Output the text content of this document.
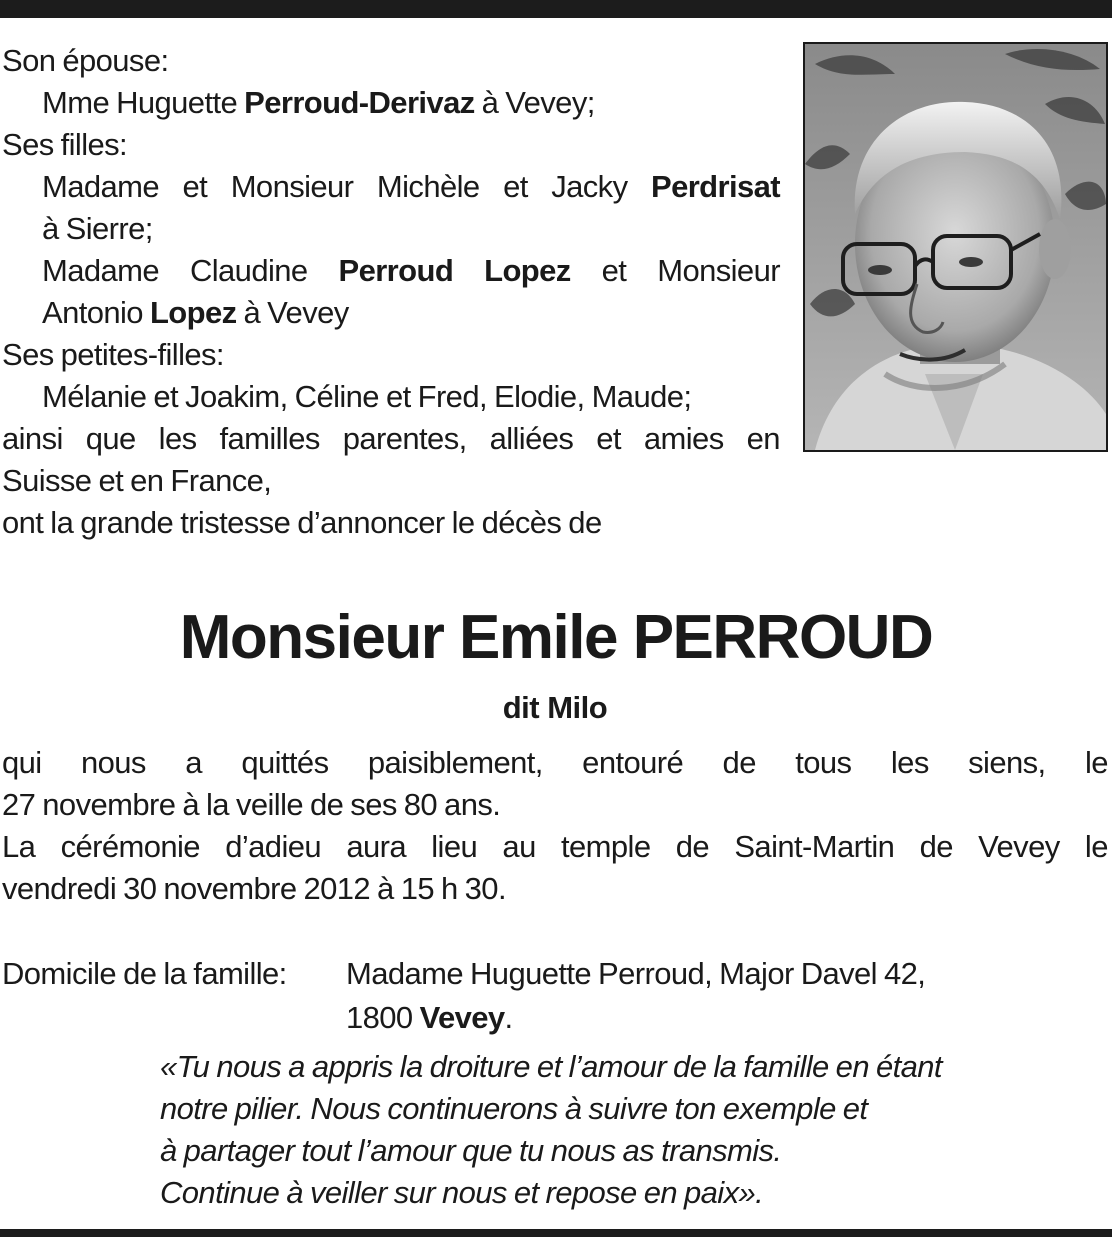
Son épouse:
Mme Huguette Perroud-Derivaz à Vevey;
Ses filles:
Madame et Monsieur Michèle et Jacky Perdrisat
à Sierre;
Madame Claudine Perroud Lopez et Monsieur
Antonio Lopez à Vevey
Ses petites-filles:
Mélanie et Joakim, Céline et Fred, Elodie, Maude;
ainsi que les familles parentes, alliées et amies en
Suisse et en France,
ont la grande tristesse d’annoncer le décès de
Monsieur Emile PERROUD
dit Milo
qui nous a quittés paisiblement, entouré de tous les siens, le
27 novembre à la veille de ses 80 ans.
La cérémonie d’adieu aura lieu au temple de Saint-Martin de Vevey le
vendredi 30 novembre 2012 à 15 h 30.
Domicile de la famille:	Madame Huguette Perroud, Major Davel 42,
1800 Vevey.
«Tu nous a appris la droiture et l’amour de la famille en étant
notre pilier. Nous continuerons à suivre ton exemple et
à partager tout l’amour que tu nous as transmis.
Continue à veiller sur nous et repose en paix».
